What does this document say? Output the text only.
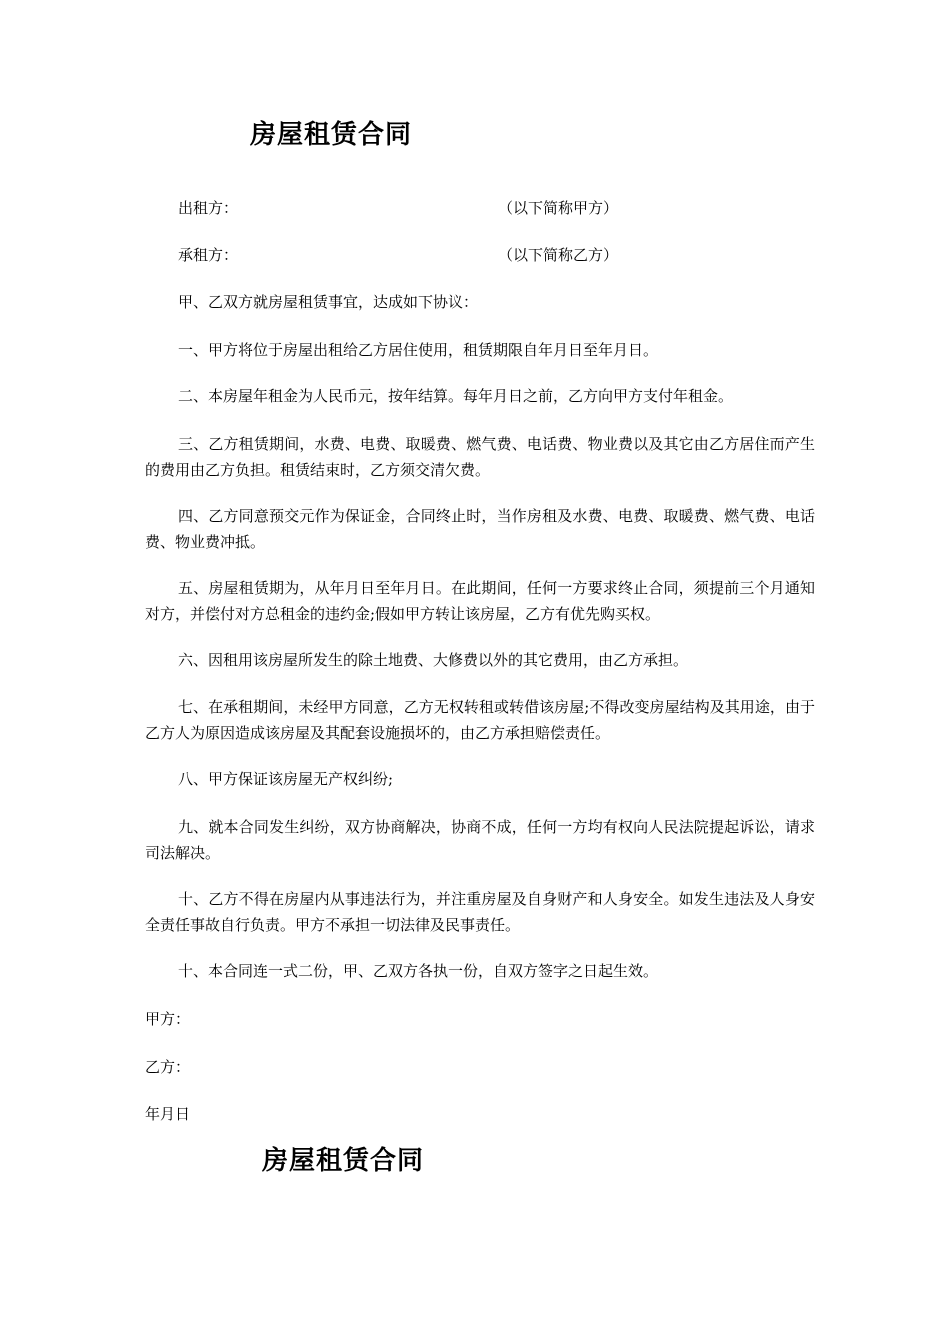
房屋租赁合同
出租方：	（以下简称甲方）
承租方：	（以下简称乙方）

甲、乙双方就房屋租赁事宜，达成如下协议：

一、甲方将位于房屋出租给乙方居住使用，租赁期限自年月日至年月日。

二、本房屋年租金为人民币元，按年结算。每年月日之前，乙方向甲方支付年租金。

三、乙方租赁期间，水费、电费、取暖费、燃气费、电话费、物业费以及其它由乙方居住而产生的费用由乙方负担。租赁结束时，乙方须交清欠费。

四、乙方同意预交元作为保证金，合同终止时，当作房租及水费、电费、取暖费、燃气费、电话费、物业费冲抵。

五、房屋租赁期为，从年月日至年月日。在此期间，任何一方要求终止合同，须提前三个月通知对方，并偿付对方总租金的违约金;假如甲方转让该房屋，乙方有优先购买权。

六、因租用该房屋所发生的除土地费、大修费以外的其它费用，由乙方承担。

七、在承租期间，未经甲方同意，乙方无权转租或转借该房屋;不得改变房屋结构及其用途，由于乙方人为原因造成该房屋及其配套设施损坏的，由乙方承担赔偿责任。

八、甲方保证该房屋无产权纠纷;

九、就本合同发生纠纷，双方协商解决，协商不成，任何一方均有权向人民法院提起诉讼，请求司法解决。

十、乙方不得在房屋内从事违法行为，并注重房屋及自身财产和人身安全。如发生违法及人身安全责任事故自行负责。甲方不承担一切法律及民事责任。

十、本合同连一式二份，甲、乙双方各执一份，自双方签字之日起生效。

甲方：

乙方：

年月日

房屋租赁合同
